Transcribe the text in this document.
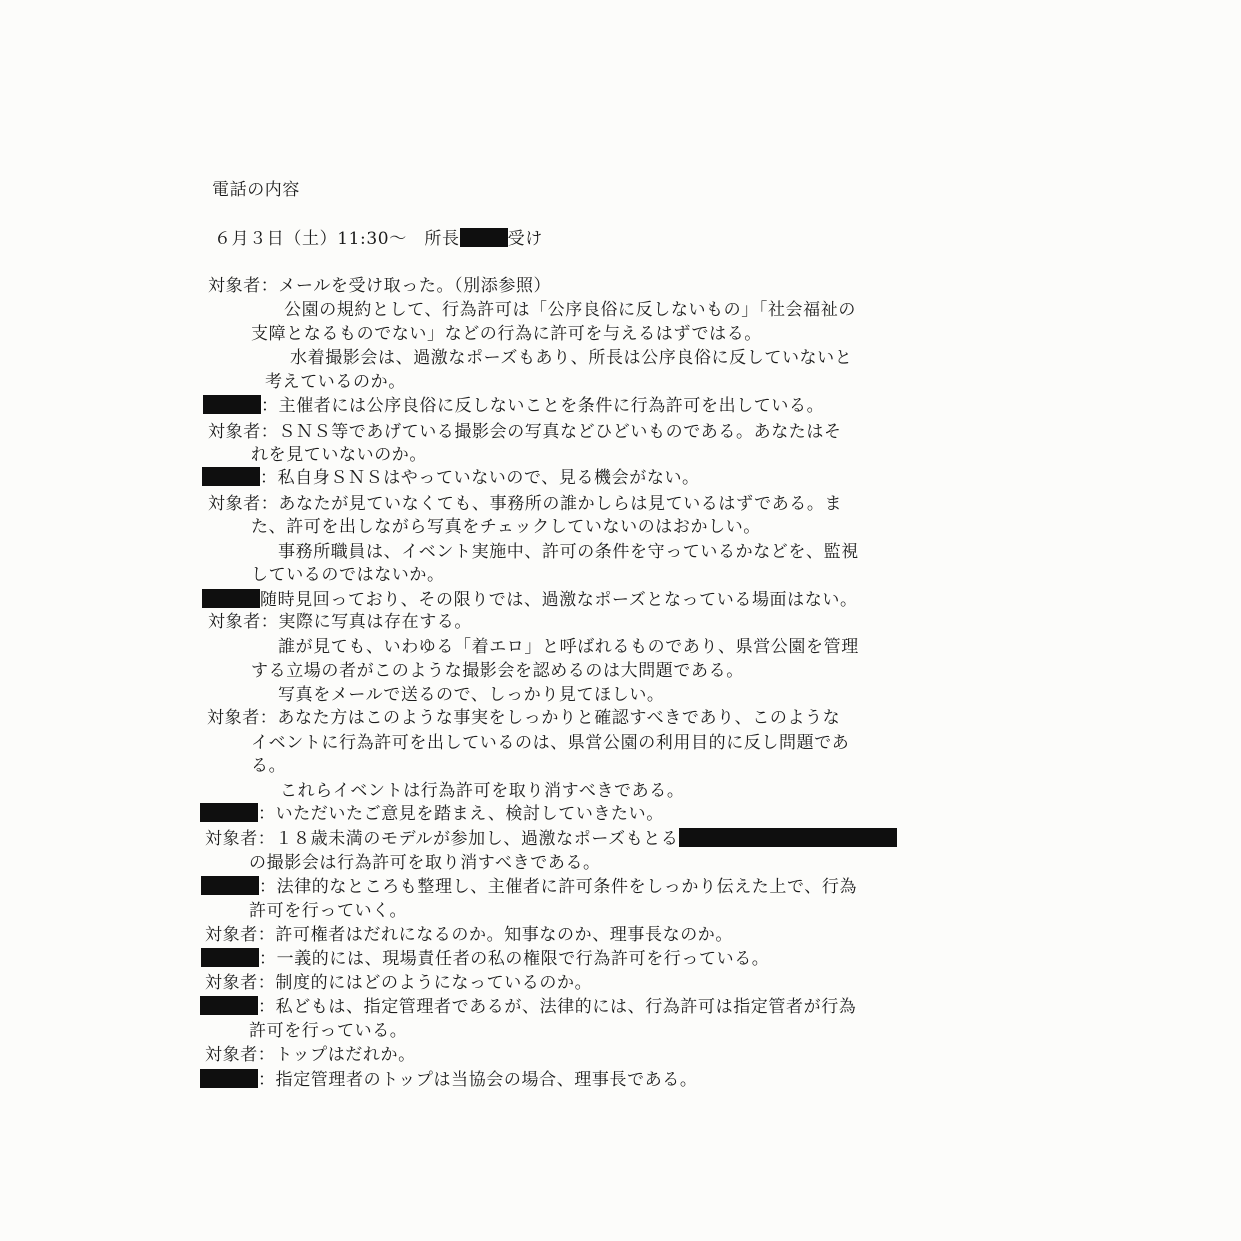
電話の内容
６月３日（土）11:30～　 所長	受け
対象者：メールを受け取った。（別添参照）
公園の規約として、行為許可は「公序良俗に反しないもの」「社会福祉の
支障となるものでない」などの行為に許可を与えるはずではる。
水着撮影会は、過激なポーズもあり、所長は公序良俗に反していないと
考えているのか。
：主催者には公序良俗に反しないことを条件に行為許可を出している。
対象者：ＳＮＳ等であげている撮影会の写真などひどいものである。あなたはそ
れを見ていないのか。
：私自身ＳＮＳはやっていないので、見る機会がない。
対象者：あなたが見ていなくても、事務所の誰かしらは見ているはずである。ま
た、許可を出しながら写真をチェックしていないのはおかしい。
事務所職員は、イベント実施中、許可の条件を守っているかなどを、監視
しているのではないか。
随時見回っており、その限りでは、過激なポーズとなっている場面はない。
対象者：実際に写真は存在する。
誰が見ても、いわゆる「着エロ」と呼ばれるものであり、県営公園を管理
する立場の者がこのような撮影会を認めるのは大問題である。
写真をメールで送るので、しっかり見てほしい。
対象者：あなた方はこのような事実をしっかりと確認すべきであり、このような
イベントに行為許可を出しているのは、県営公園の利用目的に反し問題であ
る。
これらイベントは行為許可を取り消すべきである。
：いただいたご意見を踏まえ、検討していきたい。
対象者：１８歳未満のモデルが参加し、過激なポーズもとる
の撮影会は行為許可を取り消すべきである。
：法律的なところも整理し、主催者に許可条件をしっかり伝えた上で、行為
許可を行っていく。
対象者：許可権者はだれになるのか。知事なのか、理事長なのか。
：一義的には、現場責任者の私の権限で行為許可を行っている。
対象者：制度的にはどのようになっているのか。
：私どもは、指定管理者であるが、法律的には、行為許可は指定管者が行為
許可を行っている。
対象者：トップはだれか。
：指定管理者のトップは当協会の場合、理事長である。
